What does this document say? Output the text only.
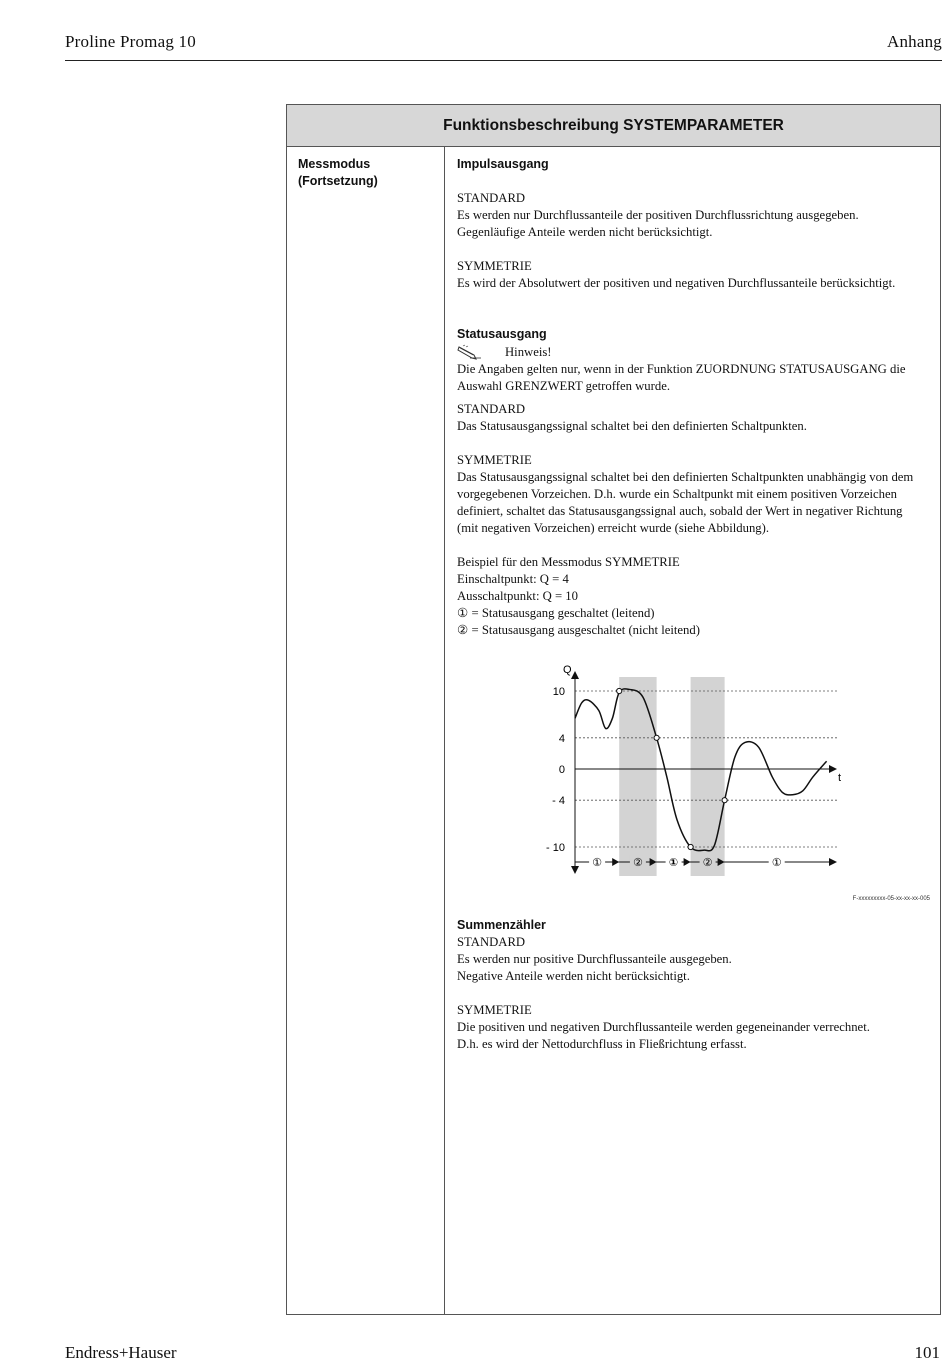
Proline Promag 10	Anhang
Funktionsbeschreibung SYSTEMPARAMETER
Messmodus
(Fortsetzung)
Impulsausgang

STANDARD

Es werden nur Durchflussanteile der positiven Durchflussrichtung ausgegeben.

Gegenläufige Anteile werden nicht berücksichtigt.

SYMMETRIE

Es wird der Absolutwert der positiven und negativen Durchflussanteile berücksichtigt.

Statusausgang
Hinweis!

Die Angaben gelten nur, wenn in der Funktion ZUORDNUNG STATUSAUSGANG die

Auswahl GRENZWERT getroffen wurde.

STANDARD

Das Statusausgangssignal schaltet bei den definierten Schaltpunkten.

SYMMETRIE

Das Statusausgangssignal schaltet bei den definierten Schaltpunkten unabhängig von dem

vorgegebenen Vorzeichen. D.h. wurde ein Schaltpunkt mit einem positiven Vorzeichen

definiert, schaltet das Statusausgangssignal auch, sobald der Wert in negativer Richtung

(mit negativen Vorzeichen) erreicht wurde (siehe Abbildung).

Beispiel für den Messmodus SYMMETRIE

Einschaltpunkt: Q = 4

Ausschaltpunkt: Q = 10

① = Statusausgang geschaltet (leitend)

② = Statusausgang ausgeschaltet (nicht leitend)

Q
t
10
4
0
- 4
- 10
①	② ① ②	①
F-xxxxxxxxx-05-xx-xx-xx-005
Summenzähler

STANDARD

Es werden nur positive Durchflussanteile ausgegeben.

Negative Anteile werden nicht berücksichtigt.

SYMMETRIE

Die positiven und negativen Durchflussanteile werden gegeneinander verrechnet.

D.h. es wird der Nettodurchfluss in Fließrichtung erfasst.

Endress+Hauser	101
